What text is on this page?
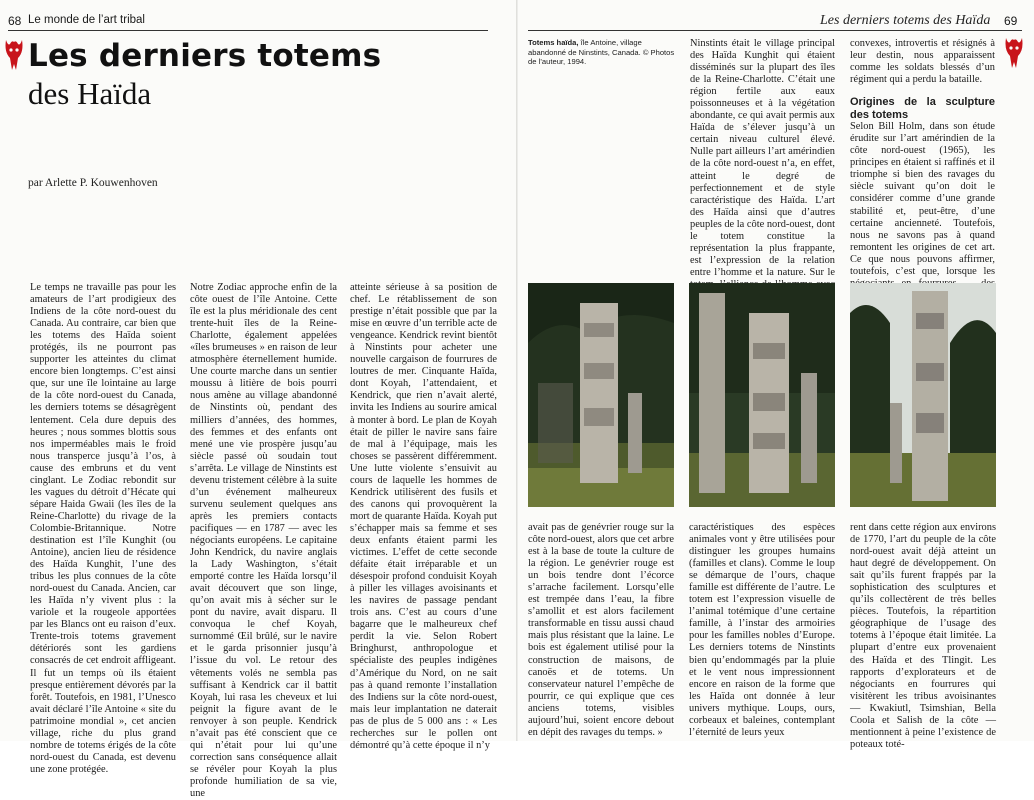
68 Le monde de l’art tribal
Les derniers totems
des Haïda
par Arlette P. Kouwenhoven

Le temps ne travaille pas pour les amateurs de l’art prodigieux des Indiens de la côte nord-ouest du Canada. Au contraire, car bien que les totems des Haïda soient protégés, ils ne pourront pas supporter les atteintes du climat encore bien longtemps. C’est ainsi que, sur une île lointaine au large de la côte nord-ouest du Canada, les derniers totems se désagrègent lentement. Cela dure depuis des heures ; nous sommes blottis sous nos imperméables mais le froid nous transperce jusqu’à l’os, à cause des embruns et du vent cinglant. Le Zodiac rebondit sur les vagues du détroit d’Hécate qui sépare Haida Gwaii (les îles de la Reine-Charlotte) du rivage de la Colombie-Britannique. Notre destination est l’île Kunghit (ou Antoine), ancien lieu de résidence des Haïda Kunghit, l’une des tribus les plus connues de la côte nord-ouest du Canada. Ancien, car les Haïda n’y vivent plus : la variole et la rougeole apportées par les Blancs ont eu raison d’eux. Trente-trois totems gravement détériorés sont les gardiens consacrés de cet endroit affligeant. Il fut un temps où ils étaient presque entièrement dévorés par la forêt. Toutefois, en 1981, l’Unesco avait déclaré l’île Antoine « site du patrimoine mondial », cet ancien village, riche du plus grand nombre de totems érigés de la côte nord-ouest du Canada, est devenu une zone protégée.

Notre Zodiac approche enfin de la côte ouest de l’île Antoine. Cette île est la plus méridionale des cent trente-huit îles de la Reine-Charlotte, également appelées «îles brumeuses » en raison de leur atmosphère éternellement humide. Une courte marche dans un sentier moussu à litière de bois pourri nous amène au village abandonné de Ninstints où, pendant des milliers d’années, des hommes, des femmes et des enfants ont mené une vie prospère jusqu’au siècle passé où soudain tout s’arrêta. Le village de Ninstints est devenu tristement célèbre à la suite d’un événement malheureux survenu seulement quelques ans après les premiers contacts pacifiques — en 1787 — avec les négociants européens. Le capitaine John Kendrick, du navire anglais la Lady Washington, s’était emporté contre les Haïda lorsqu’il avait découvert que son linge, qu’on avait mis à sécher sur le pont du navire, avait disparu. Il convoqua le chef Koyah, surnommé Œil brûlé, sur le navire et le garda prisonnier jusqu’à l’issue du vol. Le retour des vêtements volés ne sembla pas suffisant à Kendrick car il battit Koyah, lui rasa les cheveux et lui peignit la figure avant de le renvoyer à son peuple. Kendrick n’avait pas été conscient que ce qui n’était pour lui qu’une correction sans conséquence allait se révéler pour Koyah la plus profonde humiliation de sa vie, une

atteinte sérieuse à sa position de chef. Le rétablissement de son prestige n’était possible que par la mise en œuvre d’un terrible acte de vengeance. Kendrick revint bientôt à Ninstints pour acheter une nouvelle cargaison de fourrures de loutres de mer. Cinquante Haïda, dont Koyah, l’attendaient, et Kendrick, que rien n’avait alerté, invita les Indiens au sourire amical à monter à bord. Le plan de Koyah était de piller le navire sans faire de mal à l’équipage, mais les choses se passèrent différemment. Une lutte violente s’ensuivit au cours de laquelle les hommes de Kendrick utilisèrent des fusils et des canons qui provoquèrent la mort de quarante Haïda. Koyah put s’échapper mais sa femme et ses deux enfants étaient parmi les victimes. L’effet de cette seconde défaite était irréparable et un désespoir profond conduisit Koyah à piller les villages avoisinants et les navires de passage pendant trois ans. C’est au cours d’une bagarre que le malheureux chef perdit la vie. Selon Robert Bringhurst, anthropologue et spécialiste des peuples indigènes d’Amérique du Nord, on ne sait pas à quand remonte l’installation des Indiens sur la côte nord-ouest, mais leur implantation ne daterait pas de plus de 5 000 ans : « Les recherches sur le pollen ont démontré qu’à cette époque il n’y

Les derniers totems des Haïda 69
Totems haïda, île Antoine, village abandonné de Ninstints, Canada. © Photos de l’auteur, 1994.

Ninstints était le village principal des Haïda Kunghit qui étaient disséminés sur la plupart des îles de la Reine-Charlotte. C’était une région fertile aux eaux poissonneuses et à la végétation abondante, ce qui avait permis aux Haïda de s’élever jusqu’à un certain niveau culturel élevé. Nulle part ailleurs l’art amérindien de la côte nord-ouest n’a, en effet, atteint le degré de perfectionnement et de style caractéristique des Haïda. L’art des Haïda ainsi que d’autres peuples de la côte nord-ouest, dont le totem constitue la représentation la plus frappante, est l’expression de la relation entre l’homme et la nature. Sur le

convexes, introvertis et résignés à leur destin, nous apparaissent comme les soldats blessés d’un régiment qui a perdu la bataille.

Origines de la sculpture des totems

Selon Bill Holm, dans son étude érudite sur l’art amérindien de la côte nord-ouest (1965), les principes en étaient si raffinés et il triomphe si bien des ravages du siècle suivant qu’on doit le considérer comme d’une grande stabilité et, peut-être, d’une certaine ancienneté. Toutefois, nous ne savons pas à quand remontent les origines de cet art. Ce que nous pouvons affirmer, toutefois, c’est que, lorsque les

avait pas de genévrier rouge sur la côte nord-ouest, alors que cet arbre est à la base de toute la culture de la région. Le genévrier rouge est un bois tendre dont l’écorce s’arrache facilement. Lorsqu’elle est trempée dans l’eau, la fibre s’amollit et est alors facilement transformable en tissu aussi chaud mais plus résistant que la laine. Le bois est également utilisé pour la construction de maisons, de canoës et de totems. Un conservateur naturel l’empêche de pourrir, ce qui explique que ces anciens totems, visibles aujourd’hui, soient encore debout en dépit des ravages du temps. »

caractéristiques des espèces animales vont y être utilisées pour distinguer les groupes humains (familles et clans). Comme le loup se démarque de l’ours, chaque famille est différente de l’autre. Le totem est l’expression visuelle de l’animal totémique d’une certaine famille, à l’instar des armoiries pour les familles nobles d’Europe. Les derniers totems de Ninstints bien qu’endommagés par la pluie et le vent nous impressionnent encore en raison de la forme que les Haïda ont donnée à leur univers mythique. Loups, ours, corbeaux et baleines, contemplant l’éternité de leurs yeux

rent dans cette région aux environs de 1770, l’art du peuple de la côte nord-ouest avait déjà atteint un haut degré de développement. On sait qu’ils furent frappés par la sophistication des sculptures et qu’ils collectèrent de très belles pièces. Toutefois, la répartition géographique de l’usage des totems à l’époque était limitée. La plupart d’entre eux provenaient des Haïda et des Tlingit. Les rapports d’explorateurs et de négociants en fourrures qui visitèrent les tribus avoisinantes — Kwakiutl, Tsimshian, Bella Coola et Salish de la côte — mentionnent à peine l’existence de poteaux toté-
